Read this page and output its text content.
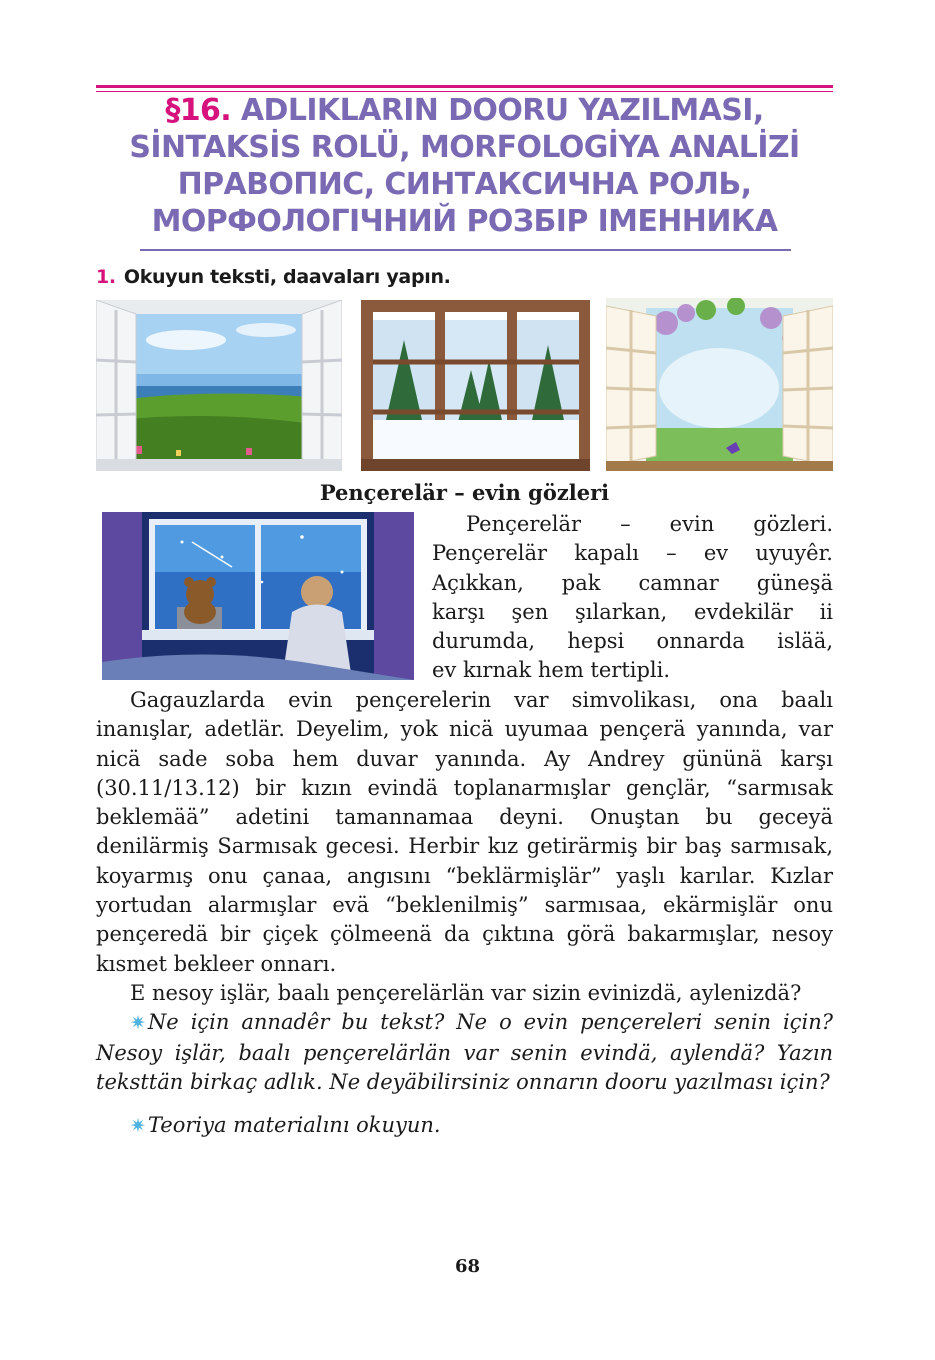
§16. ADLIKLARIN DOORU YAZILMASI,
SİNTAKSİS ROLÜ, MORFOLOGİYA ANALİZİ
ПРАВОПИС, СИНТАКСИЧНА РОЛЬ,
МОРФОЛОГІЧНИЙ РОЗБІР ІМЕННИКА
1. Okuyun teksti, daavaları yapın.
Pençerelär – evin gözleri
Pençerelär – evin gözleri.
Pençerelär kapalı – ev uyuyêr.
Açıkkan, pak camnar güneşä
karşı şen şılarkan, evdekilär ii
durumda, hepsi onnarda islää,
ev kırnak hem tertipli.

Gagauzlarda evin pençerelerin var simvolikası, ona baalı inanışlar, adetlär. Deyelim, yok nicä uyumaa pençerä yanında, var nicä sade soba hem duvar yanında. Ay Andrey gününä karşı (30.11/13.12) bir kızın evindä toplanarmışlar gençlär, “sarmısak beklemää” adetini tamannamaa deyni. Onuştan bu geceyä denilärmiş Sarmısak gecesi. Herbir kız getirärmiş bir baş sarmısak, koyarmış onu çanaa, angısını “beklärmişlär” yaşlı karılar. Kızlar yortudan alarmışlar evä “beklenilmiş” sarmısaa, ekärmişlär onu pençeredä bir çiçek çölmeenä da çıktına görä bakarmışlar, nesoy kısmet bekleer onnarı.

E nesoy işlär, baalı pençerelärlän var sizin evinizdä, aylenizdä?

✷Ne için annadêr bu tekst? Ne o evin pençereleri senin için? Nesoy işlär, baalı pençerelärlän var senin evindä, aylendä? Yazın teksttän birkaç adlık. Ne deyäbilirsiniz onnarın dooru yazılması için?

✷Teoriya materialını okuyun.

68
